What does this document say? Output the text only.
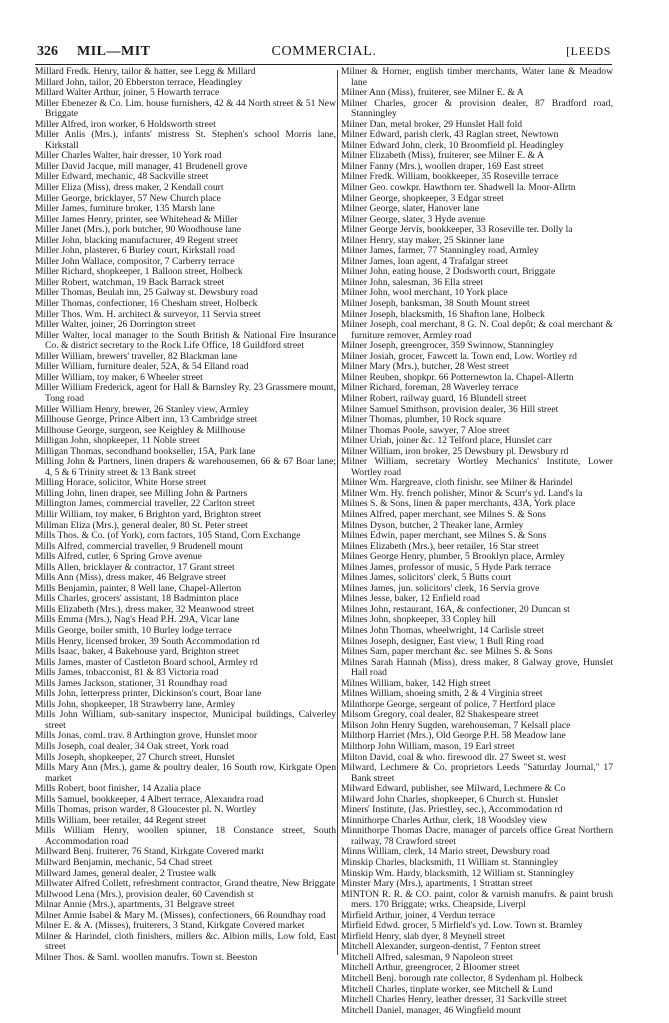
326 MIL—MIT	COMMERCIAL.	[LEEDS
Millard Fredk. Henry, tailor & hatter, see Legg & Millard
Millard John, tailor, 20 Ebberston terrace, Headingley
Millard Walter Arthur, joiner, 5 Howarth terrace
Miller Ebenezer & Co. Lim. house furnishers, 42 & 44 North street & 51 New Briggate
Miller Alfred, iron worker, 6 Holdsworth street
Miller Anlis (Mrs.), infants' mistress St. Stephen's school Morris lane, Kirkstall
Miller Charles Walter, hair dresser, 10 York road
Miller David Jacque, mill manager, 41 Brudenell grove
Miller Edward, mechanic, 48 Sackville street
Miller Eliza (Miss), dress maker, 2 Kendall court
Miller George, bricklayer, 57 New Church place
Miller James, furniture broker, 135 Marsh lane
Miller James Henry, printer, see Whitehead & Miller
Miller Janet (Mrs.), pork butcher, 90 Woodhouse lane
Miller John, blacking manufacturer, 49 Regent street
Miller John, plasterer, 6 Burley court, Kirkstall road
Miller John Wallace, compositor, 7 Carberry terrace
Miller Richard, shopkeeper, 1 Balloon street, Holbeck
Miller Robert, watchman, 19 Back Barrack street
Miller Thomas, Beulah inn, 25 Galway st. Dewsbury road
Miller Thomas, confectioner, 16 Chesham street, Holbeck
Miller Thos. Wm. H. architect & surveyor, 11 Servia street
Miller Walter, joiner, 26 Dorrington street
Miller Walter, local manager to the South British & National Fire Insurance Co. & district secretary to the Rock Life Office, 18 Guildford street
Miller William, brewers' traveller, 82 Blackman lane
Miller William, furniture dealer, 52A, & 54 Elland road
Miller William, toy maker, 6 Wheeler street
Miller William Frederick, agent for Hall & Barnsley Ry. 23 Grassmere mount, Tong road
Miller William Henry, brewer, 26 Stanley view, Armley
Millhouse George, Prince Albert inn, 13 Cambridge street
Millhouse George, surgeon, see Keighley & Millhouse
Milligan John, shopkeeper, 11 Noble street
Milligan Thomas, secondhand bookseller, 15A, Park lane
Milling John & Partners, linen drapers & warehousemen, 66 & 67 Boar lane; 4, 5 & 6 Trinity street & 13 Bank street
Milling Horace, solicitor, White Horse street
Milling John, linen draper, see Milling John & Partners
Millington James, commercial traveller, 22 Carlton street
Millir William, toy maker, 6 Brighton yard, Brighton street
Millman Eliza (Mrs.), general dealer, 80 St. Peter street
Mills Thos. & Co. (of York), corn factors, 105 Stand, Corn Exchange
Mills Alfred, commercial traveller, 9 Brudenell mount
Mills Alfred, cutler, 6 Spring Grove avenue
Mills Allen, bricklayer & contractor, 17 Grant street
Mills Ann (Miss), dress maker, 46 Belgrave street
Mills Benjamin, painter, 8 Well lane, Chapel-Allerton
Mills Charles, grocers' assistant, 18 Badminton place
Mills Elizabeth (Mrs.), dress maker, 32 Meanwood street
Mills Emma (Mrs.), Nag's Head P.H. 29A, Vicar lane
Mills George, boiler smith, 10 Burley lodge terrace
Mills Henry, licensed broker, 39 South Accommodation rd
Mills Isaac, baker, 4 Bakehouse yard, Brighton street
Mills James, master of Castleton Board school, Armley rd
Mills James, tobacconist, 81 & 83 Victoria road
Mills James Jackson, stationer, 31 Roundhay road
Mills John, letterpress printer, Dickinson's court, Boar lane
Mills John, shopkeeper, 18 Strawberry lane, Armley
Mills John William, sub-sanitary inspector, Municipal buildings, Calverley street
Mills Jonas, coml. trav. 8 Arthington grove, Hunslet moor
Mills Joseph, coal dealer, 34 Oak street, York road
Mills Joseph, shopkeeper, 27 Church street, Hunslet
Mills Mary Ann (Mrs.), game & poultry dealer, 16 South row, Kirkgate Open market
Mills Robert, boot finisher, 14 Azalia place
Mills Samuel, bookkeeper, 4 Albert terrace, Alexandra road
Mills Thomas, prison warder, 8 Gloucester pl. N. Wortley
Mills William, beer retailer, 44 Regent street
Mills William Henry, woollen spinner, 18 Constance street, South Accommodation road
Millward Benj. fruiterer, 76 Stand, Kirkgate Covered markt
Millward Benjamin, mechanic, 54 Chad street
Millward James, general dealer, 2 Trustee walk
Millwater Alfred Collett, refreshment contractor, Grand theatre, New Briggate
Millwood Lena (Mrs.), provision dealer, 60 Cavendish st
Milnar Annie (Mrs.), apartments, 31 Belgrave street
Milner Annie Isabel & Mary M. (Misses), confectioners, 66 Roundhay road
Milner E. & A. (Misses), fruiterers, 3 Stand, Kirkgate Covered market
Milner & Harindel, cloth finishers, millers &c. Albion mills, Low fold, East street
Milner Thos. & Saml. woollen manufrs. Town st. Beeston
Milner & Horner, english timber merchants, Water lane & Meadow lane
Milner Ann (Miss), fruiterer, see Milner E. & A
Milner Charles, grocer & provision dealer, 87 Bradford road, Stanningley
Milner Dan, metal broker, 29 Hunslet Hall fold
Milner Edward, parish clerk, 43 Raglan street, Newtown
Milner Edward John, clerk, 10 Broomfield pl. Headingley
Milner Elizabeth (Miss), fruiterer, see Milner E. & A
Milner Fanny (Mrs.), woollen draper, 169 East street
Milner Fredk. William, bookkeeper, 35 Roseville terrace
Milner Geo. cowkpr. Hawthorn ter. Shadwell la. Moor-Allrtn
Milner George, shopkeeper, 3 Edgar street
Milner George, slater, Hanover lane
Milner George, slater, 3 Hyde avenue
Milner George Jervis, bookkeeper, 33 Roseville ter. Dolly la
Milner Henry, stay maker, 25 Skinner lane
Milner James, farmer, 77 Stanningley road, Armley
Milner James, loan agent, 4 Trafalgar street
Milner John, eating house, 2 Dodsworth court, Briggate
Milner John, salesman, 36 Ella street
Milner John, wool merchant, 10 York place
Milner Joseph, banksman, 38 South Mount street
Milner Joseph, blacksmith, 16 Shafton lane, Holbeck
Milner Joseph, coal merchant, 8 G. N. Coal depôt; & coal merchant & furniture remover, Armley road
Milner Joseph, greengrocer, 359 Swinnow, Stanningley
Milner Josiah, grocer, Fawcett la. Town end, Low. Wortley rd
Milner Mary (Mrs.), butcher, 28 West street
Milner Reuben, shopkpr. 66 Potternewton la. Chapel-Allertn
Milner Richard, foreman, 28 Waverley terrace
Milner Robert, railway guard, 16 Blundell street
Milner Samuel Smithson, provision dealer, 36 Hill street
Milner Thomas, plumber, 10 Rock square
Milner Thomas Poole, sawyer, 7 Aloe street
Milner Uriah, joiner &c. 12 Telford place, Hunslet carr
Milner William, iron broker, 25 Dewsbury pl. Dewsbury rd
Milner William, secretary Wortley Mechanics' Institute, Lower Wortley road
Milner Wm. Hargreave, cloth finishr. see Milner & Harindel
Milner Wm. Hy. french polisher, Minor & Scurr's yd. Land's la
Milnes S. & Sons, linen & paper merchants, 43A, York place
Milnes Alfred, paper merchant, see Milnes S. & Sons
Milnes Dyson, butcher, 2 Theaker lane, Armley
Milnes Edwin, paper merchant, see Milnes S. & Sons
Milnes Elizabeth (Mrs.), beer retailer, 16 Star street
Milnes George Henry, plumber, 5 Brooklyn place, Armley
Milnes James, professor of music, 5 Hyde Park terrace
Milnes James, solicitors' clerk, 5 Butts court
Milnes James, jun. solicitors' clerk, 16 Servia grove
Milnes Jesse, baker, 12 Enfield road
Milnes John, restaurant, 16A, & confectioner, 20 Duncan st
Milnes John, shopkeeper, 33 Copley hill
Milnes John Thomas, wheelwright, 14 Carlisle street
Milnes Joseph, designer, East view, 1 Bull Ring road
Milnes Sam, paper merchant &c. see Milnes S. & Sons
Milnes Sarah Hannah (Miss), dress maker, 8 Galway grove, Hunslet Hall road
Milnes William, baker, 142 High street
Milnes William, shoeing smith, 2 & 4 Virginia street
Milnthorpe George, sergeant of police, 7 Hertford place
Milsom Gregory, coal dealer, 82 Shakespeare street
Milson John Henry Sugden, warehouseman, 7 Kelsall place
Milthorp Harriet (Mrs.), Old George P.H. 58 Meadow lane
Milthorp John William, mason, 19 Earl street
Milton David, coal & who. firewood dlr. 27 Sweet st. west
Milward, Lechmere & Co. proprietors Leeds "Saturday Journal," 17 Bank street
Milward Edward, publisher, see Milward, Lechmere & Co
Milward John Charles, shopkeeper, 6 Church st. Hunslet
Miners' Institute, (Jas. Priestley, sec.), Accommodation rd
Minnithorpe Charles Arthur, clerk, 18 Woodsley view
Minnithorpe Thomas Dacre, manager of parcels office Great Northern railway, 78 Crawford street
Minns William, clerk, 14 Mario street, Dewsbury road
Minskip Charles, blacksmith, 11 William st. Stanningley
Minskip Wm. Hardy, blacksmith, 12 William st. Stanningley
Minster Mary (Mrs.), apartments, 1 Strattan street
MINTON R. R. & CO. paint, color & varnish manufrs. & paint brush mers. 170 Briggate; wrks. Cheapside, Liverpl
Mirfield Arthur, joiner, 4 Verdun terrace
Mirfield Edwd. grocer, 5 Mirfield's yd. Low. Town st. Bramley
Mirfield Henry, slab dyer, 8 Meynell street
Mitchell Alexander, surgeon-dentist, 7 Fenton street
Mitchell Alfred, salesman, 9 Napoleon street
Mitchell Arthur, greengrocer, 2 Bloomer street
Mitchell Benj. borough rate collector, 8 Sydenham pl. Holbeck
Mitchell Charles, tinplate worker, see Mitchell & Lund
Mitchell Charles Henry, leather dresser, 31 Sackville street
Mitchell Daniel, manager, 46 Wingfield mount
